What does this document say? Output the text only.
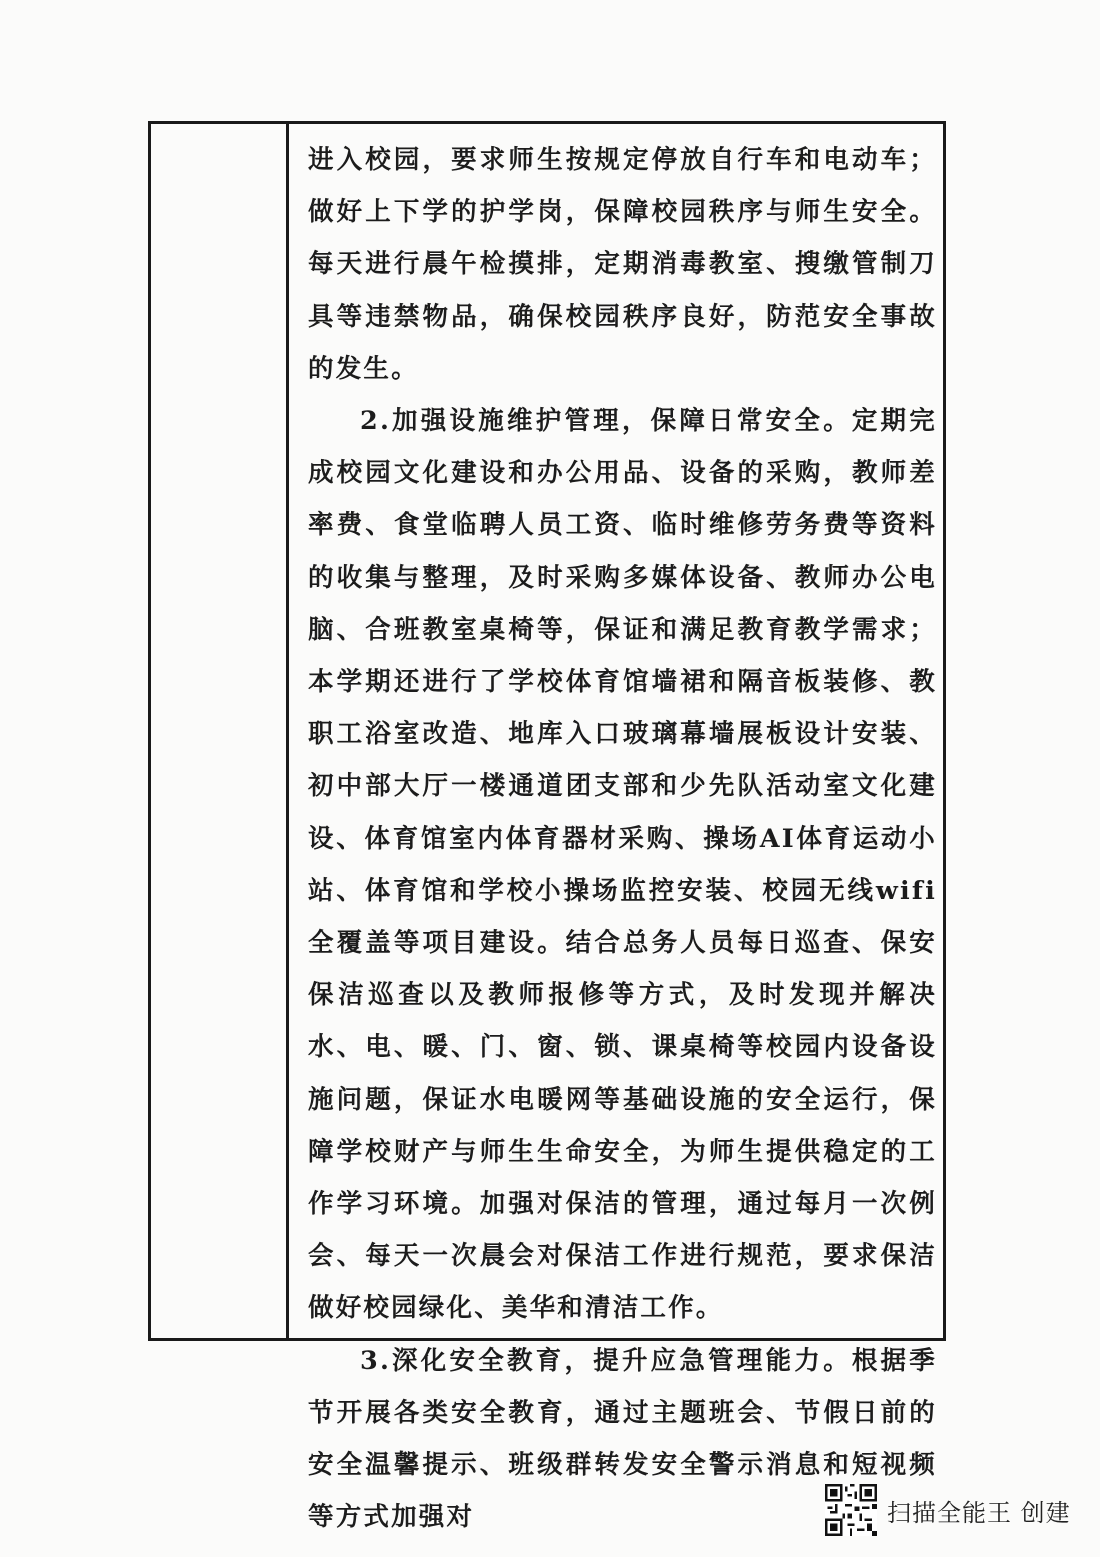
进入校园，要求师生按规定停放自行车和电动车；做好上下学的护学岗，保障校园秩序与师生安全。每天进行晨午检摸排，定期消毒教室、搜缴管制刀具等违禁物品，确保校园秩序良好，防范安全事故的发生。

2.加强设施维护管理，保障日常安全。定期完成校园文化建设和办公用品、设备的采购，教师差率费、食堂临聘人员工资、临时维修劳务费等资料的收集与整理，及时采购多媒体设备、教师办公电脑、合班教室桌椅等，保证和满足教育教学需求；本学期还进行了学校体育馆墙裙和隔音板装修、教职工浴室改造、地库入口玻璃幕墙展板设计安装、初中部大厅一楼通道团支部和少先队活动室文化建设、体育馆室内体育器材采购、操场AI体育运动小站、体育馆和学校小操场监控安装、校园无线wifi全覆盖等项目建设。结合总务人员每日巡查、保安保洁巡查以及教师报修等方式，及时发现并解决水、电、暖、门、窗、锁、课桌椅等校园内设备设施问题，保证水电暖网等基础设施的安全运行，保障学校财产与师生生命安全，为师生提供稳定的工作学习环境。加强对保洁的管理，通过每月一次例会、每天一次晨会对保洁工作进行规范，要求保洁做好校园绿化、美华和清洁工作。

3.深化安全教育，提升应急管理能力。根据季节开展各类安全教育，通过主题班会、节假日前的安全温馨提示、班级群转发安全警示消息和短视频等方式加强对	扫描全能王 创建
